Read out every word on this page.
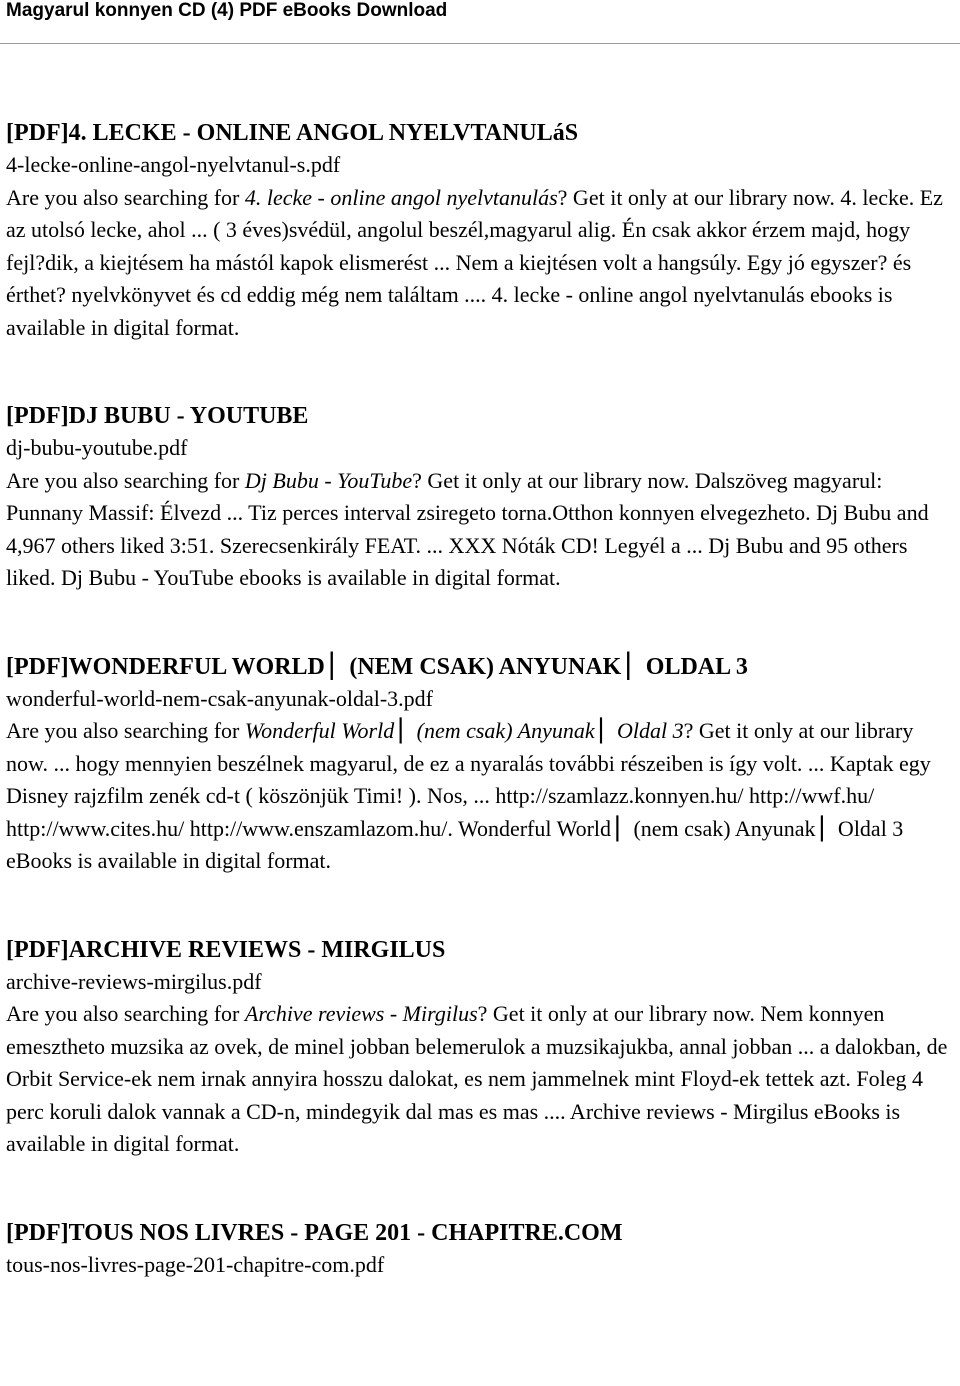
Magyarul konnyen CD (4) PDF eBooks Download
[PDF]4. LECKE - ONLINE ANGOL NYELVTANULáS
4-lecke-online-angol-nyelvtanul-s.pdf

Are you also searching for 4. lecke - online angol nyelvtanulás? Get it only at our library now. 4. lecke. Ez az utolsó lecke, ahol ... ( 3 éves)svédül, angolul beszél,magyarul alig. Én csak akkor érzem majd, hogy fejl?dik, a kiejtésem ha mástól kapok elismerést ... Nem a kiejtésen volt a hangsúly. Egy jó egyszer? és érthet? nyelvkönyvet és cd eddig még nem találtam .... 4. lecke - online angol nyelvtanulás ebooks is available in digital format.

[PDF]DJ BUBU - YOUTUBE
dj-bubu-youtube.pdf

Are you also searching for Dj Bubu - YouTube? Get it only at our library now. Dalszöveg magyarul: Punnany Massif: Élvezd ... Tiz perces interval zsiregeto torna.Otthon konnyen elvegezheto. Dj Bubu and 4,967 others liked 3:51. Szerecsenkirály FEAT. ... XXX Nóták CD! Legyél a ... Dj Bubu and 95 others liked. Dj Bubu - YouTube ebooks is available in digital format.

[PDF]WONDERFUL WORLD ▏(NEM CSAK) ANYUNAK ▏OLDAL 3
wonderful-world-nem-csak-anyunak-oldal-3.pdf

Are you also searching for Wonderful World ▏(nem csak) Anyunak ▏Oldal 3? Get it only at our library now. ... hogy mennyien beszélnek magyarul, de ez a nyaralás további részeiben is így volt. ... Kaptak egy Disney rajzfilm zenék cd-t ( köszönjük Timi! ). Nos, ... http://szamlazz.konnyen.hu/ http://wwf.hu/ http://www.cites.hu/ http://www.enszamlazom.hu/. Wonderful World ▏(nem csak) Anyunak ▏Oldal 3 eBooks is available in digital format.

[PDF]ARCHIVE REVIEWS - MIRGILUS
archive-reviews-mirgilus.pdf

Are you also searching for Archive reviews - Mirgilus? Get it only at our library now. Nem konnyen emesztheto muzsika az ovek, de minel jobban belemerulok a muzsikajukba, annal jobban ... a dalokban, de Orbit Service-ek nem irnak annyira hosszu dalokat, es nem jammelnek mint Floyd-ek tettek azt. Foleg 4 perc koruli dalok vannak a CD-n, mindegyik dal mas es mas .... Archive reviews - Mirgilus eBooks is available in digital format.

[PDF]TOUS NOS LIVRES - PAGE 201 - CHAPITRE.COM
tous-nos-livres-page-201-chapitre-com.pdf
